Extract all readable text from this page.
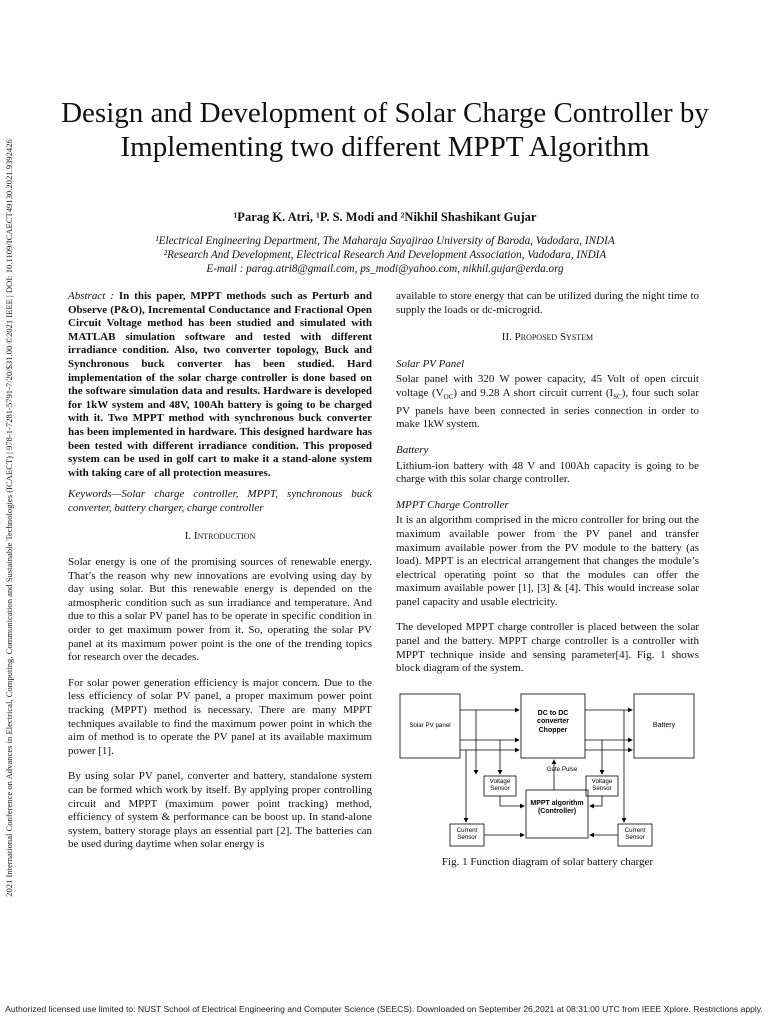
2021 International Conference on Advances in Electrical, Computing, Communication and Sustainable Technologies (ICAECT) | 978-1-7281-5791-7/20/$31.00 ©2021 IEEE | DOI: 10.1109/ICAECT49130.2021.9392426
Design and Development of Solar Charge Controller by Implementing two different MPPT Algorithm
¹Parag K. Atri, ¹P. S. Modi and ²Nikhil Shashikant Gujar
¹Electrical Engineering Department, The Maharaja Sayajirao University of Baroda, Vadodara, INDIA
²Research And Development, Electrical Research And Development Association, Vadodara, INDIA
E-mail : parag.atri8@gmail.com, ps_modi@yahoo.com, nikhil.gujar@erda.org

Abstract : In this paper, MPPT methods such as Perturb and Observe (P&O), Incremental Conductance and Fractional Open Circuit Voltage method has been studied and simulated with MATLAB simulation software and tested with different irradiance condition. Also, two converter topology, Buck and Synchronous buck converter has been studied. Hard implementation of the solar charge controller is done based on the software simulation data and results. Hardware is developed for 1kW system and 48V, 100Ah battery is going to be charged with it. Two MPPT method with synchronous buck converter has been implemented in hardware. This designed hardware has been tested with different irradiance condition. This proposed system can be used in golf cart to make it a stand-alone system with taking care of all protection measures.

Keywords—Solar charge controller, MPPT, synchronous buck converter, battery charger, charge controller

I. Introduction

Solar energy is one of the promising sources of renewable energy. That’s the reason why new innovations are evolving using day by day using solar. But this renewable energy is depended on the atmospheric condition such as sun irradiance and temperature. And due to this a solar PV panel has to be operate in specific condition in order to get maximum power from it. So, operating the solar PV panel at its maximum power point is the one of the trending topics for research over the decades.

For solar power generation efficiency is major concern. Due to the less efficiency of solar PV panel, a proper maximum power point tracking (MPPT) method is necessary. There are many MPPT techniques available to find the maximum power point in which the aim of method is to operate the PV panel at its available maximum power [1].

By using solar PV panel, converter and battery, standalone system can be formed which work by itself. By applying proper controlling circuit and MPPT (maximum power point tracking) method, efficiency of system & performance can be boost up. In stand-alone system, battery storage plays an essential part [2]. The batteries can be used during daytime when solar energy is

available to store energy that can be utilized during the night time to supply the loads or dc-microgrid.

II. Proposed System
Solar PV Panel

Solar panel with 320 W power capacity, 45 Volt of open circuit voltage $(V_{OC})$ and 9.28 A short circuit current $(I_{SC})$, four such solar PV panels have been connected in series connection in order to make 1kW system.

Battery

Lithium-ion battery with 48 V and 100Ah capacity is going to be charge with this solar charge controller.

MPPT Charge Controller

It is an algorithm comprised in the micro controller for bring out the maximum available power from the PV panel and transfer maximum available power from the PV module to the battery (as load). MPPT is an electrical arrangement that changes the module’s electrical operating point so that the modules can offer the maximum available power [1], [3] & [4]. This would increase solar panel capacity and usable electricity.

The developed MPPT charge controller is placed between the solar panel and the battery. MPPT charge controller is a controller with MPPT technique inside and sensing parameter[4]. Fig. 1 shows block diagram of the system.

Solar PV panel
DC to DC converter Chopper
Battery
Voltage Sensor
Voltage Sensor
Gate Pulse
MPPT algorithm (Controller)
Current Sensor
Current Sensor
Fig. 1 Function diagram of solar battery charger
Authorized licensed use limited to: NUST School of Electrical Engineering and Computer Science (SEECS). Downloaded on September 26,2021 at 08:31:00 UTC from IEEE Xplore. Restrictions apply.
